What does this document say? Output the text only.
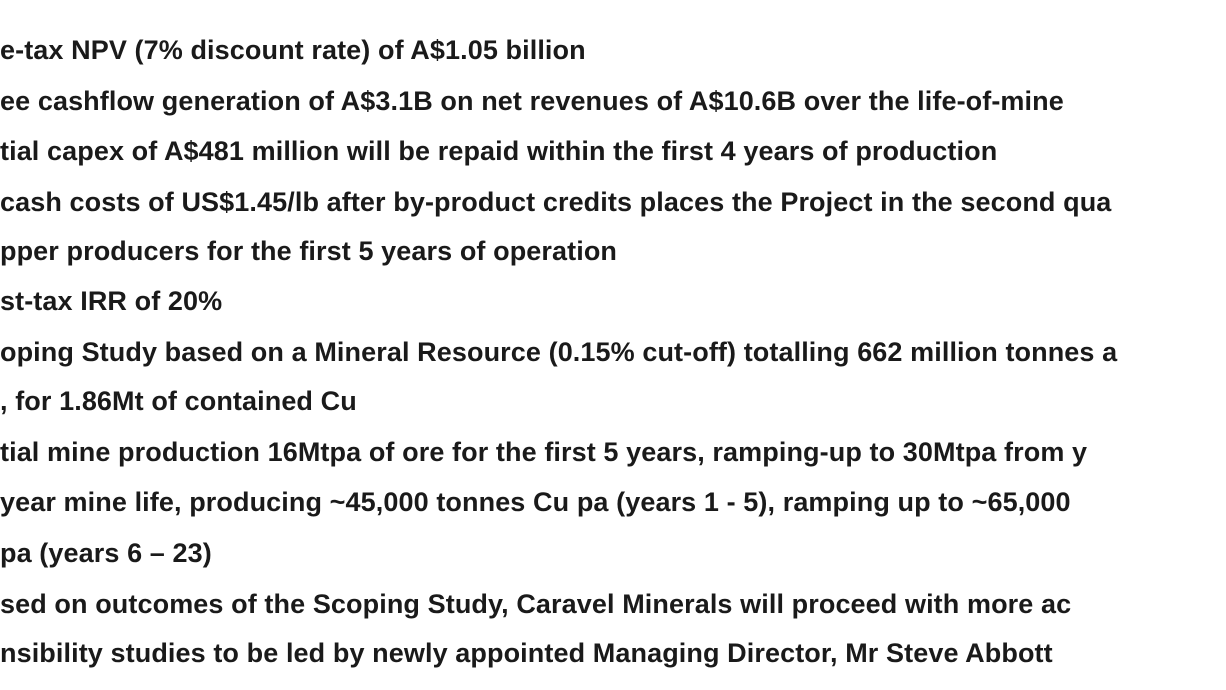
e-tax NPV (7% discount rate) of A$1.05 billion
ee cashflow generation of A$3.1B on net revenues of A$10.6B over the life-of-mine
tial capex of A$481 million will be repaid within the first 4 years of production
cash costs of US$1.45/lb after by-product credits places the Project in the second qua
pper producers for the first 5 years of operation
st-tax IRR of 20%
oping Study based on a Mineral Resource (0.15% cut-off) totalling 662 million tonnes a
, for 1.86Mt of contained Cu
tial mine production 16Mtpa of ore for the first 5 years, ramping-up to 30Mtpa from y
year mine life, producing ~45,000 tonnes Cu pa (years 1 - 5), ramping up to ~65,000
pa (years 6 – 23)
sed on outcomes of the Scoping Study, Caravel Minerals will proceed with more ac
nsibility studies to be led by newly appointed Managing Director, Mr Steve Abbott
